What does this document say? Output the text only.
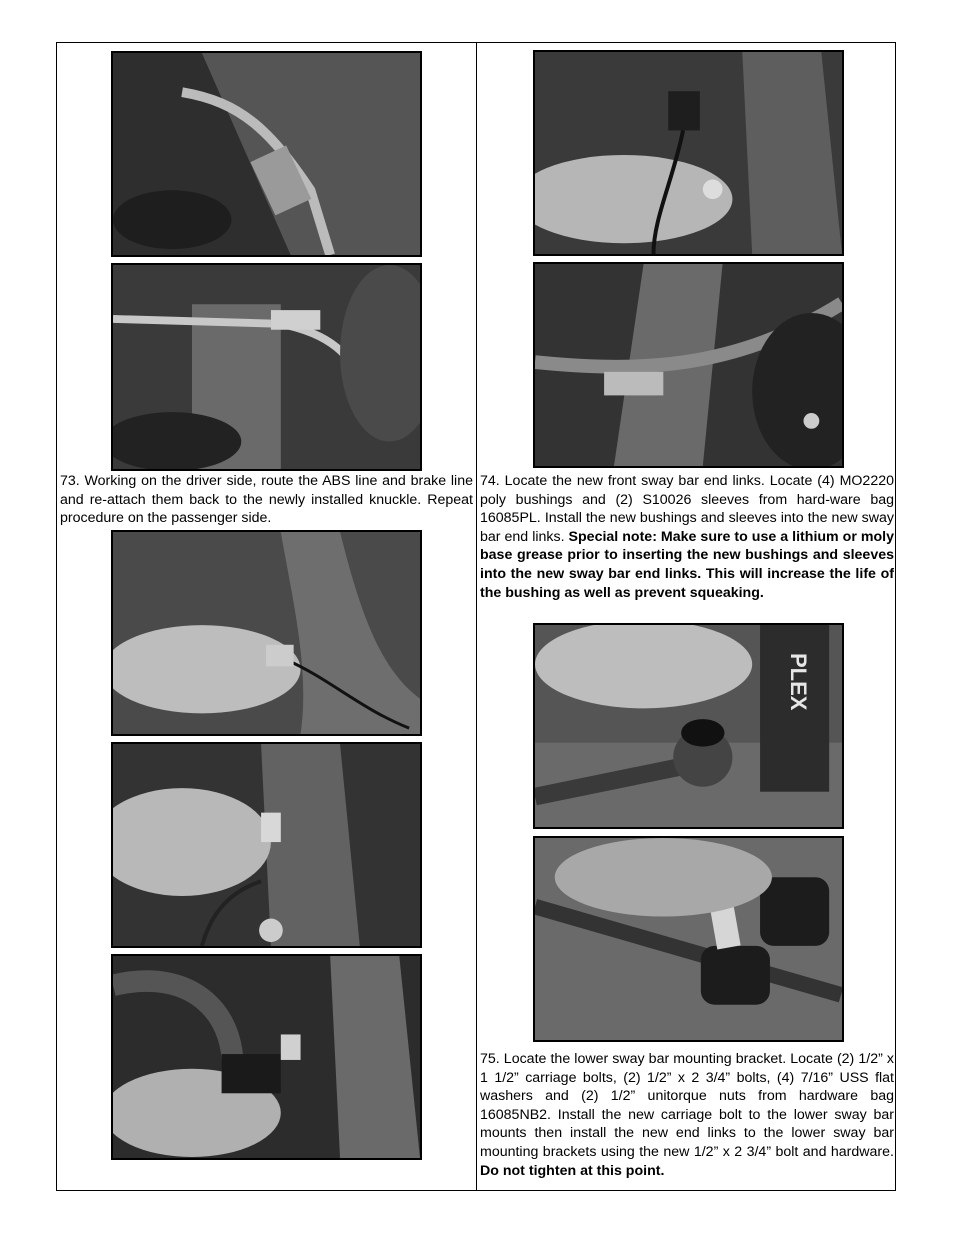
73. Working on the driver side, route the ABS line and brake line and re-attach them back to the newly installed knuckle. Repeat procedure on the passenger side.
74. Locate the new front sway bar end links. Locate (4) MO2220 poly bushings and (2) S10026 sleeves from hard-ware bag 16085PL. Install the new bushings and sleeves into the new sway bar end links. Special note: Make sure to use a lithium or moly base grease prior to inserting the new bushings and sleeves into the new sway bar end links. This will increase the life of the bushing as well as prevent squeaking.
PLEX
75. Locate the lower sway bar mounting bracket. Locate (2) 1/2” x 1 1/2” carriage bolts, (2) 1/2” x 2 3/4” bolts, (4) 7/16” USS flat washers and (2) 1/2” unitorque nuts from hardware bag 16085NB2. Install the new carriage bolt to the lower sway bar mounts then install the new end links to the lower sway bar mounting brackets using the new 1/2” x 2 3/4” bolt and hardware. Do not tighten at this point.
